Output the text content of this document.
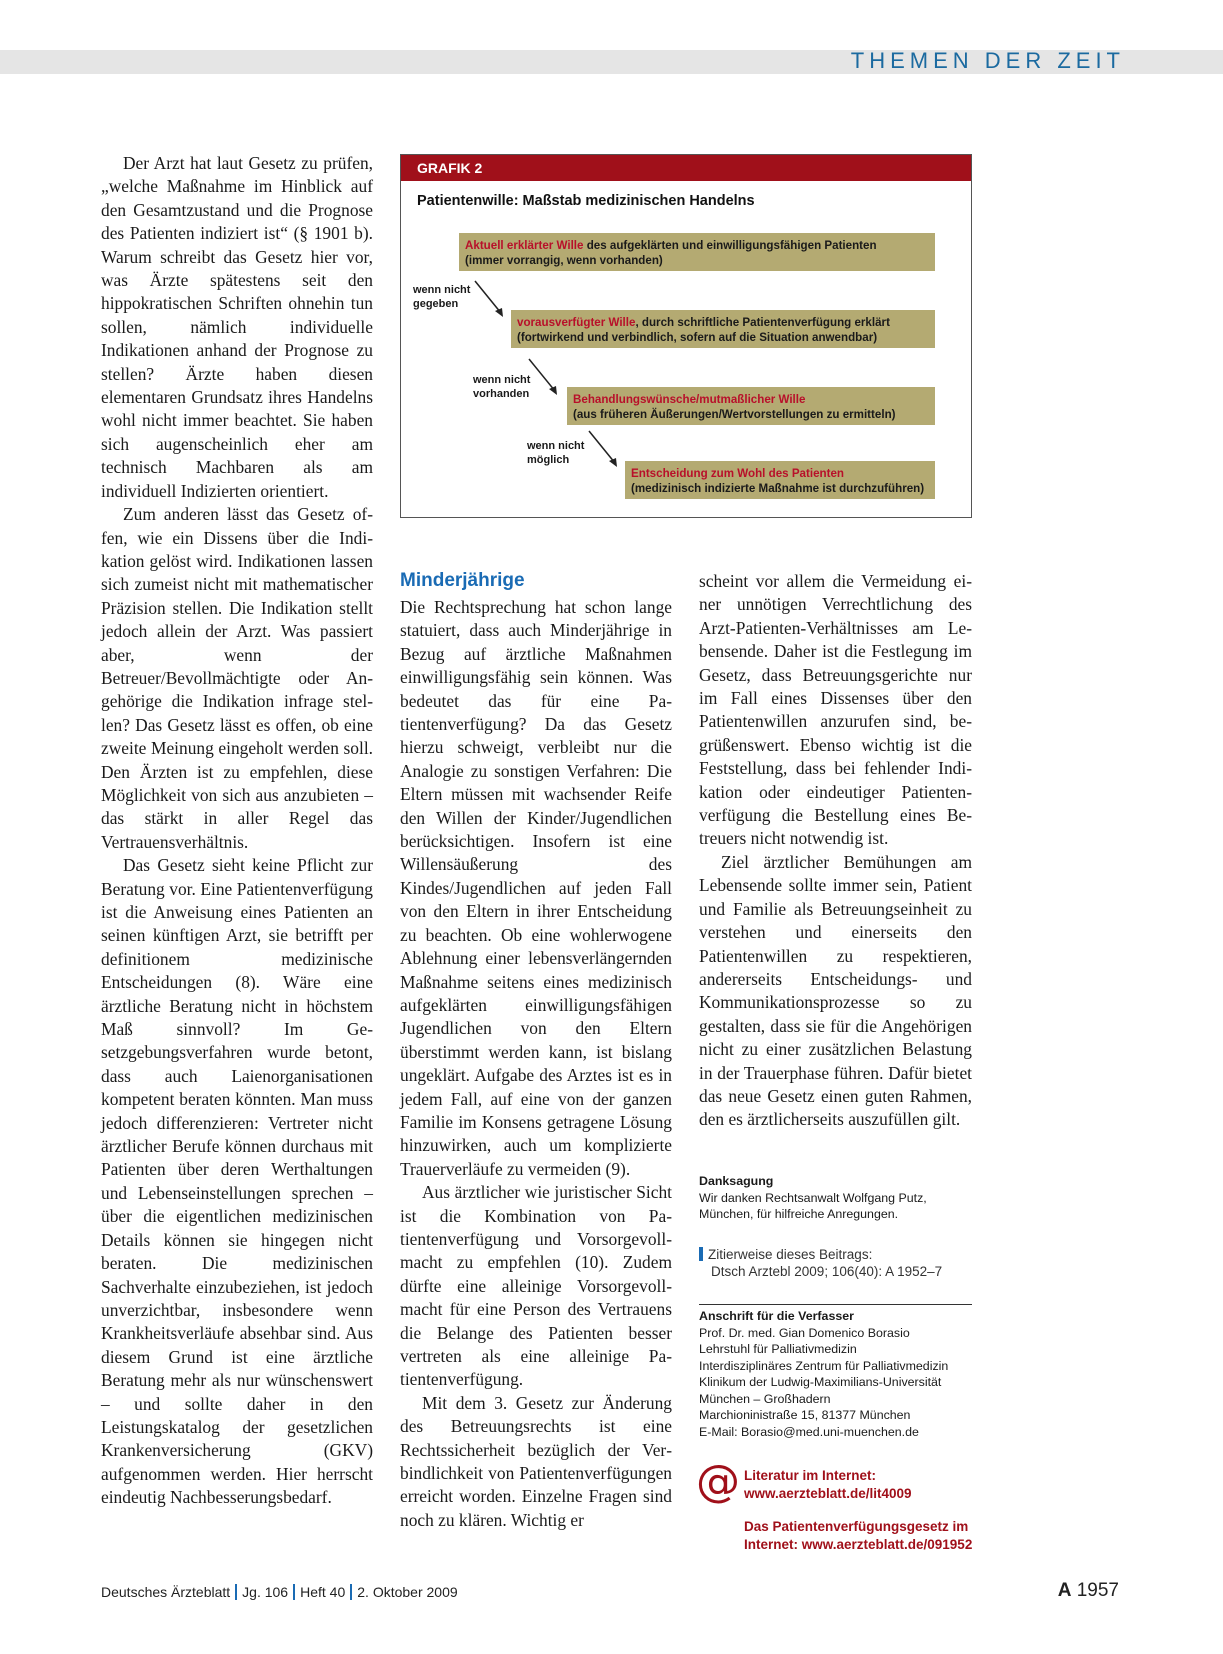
THEMEN DER ZEIT

Der Arzt hat laut Gesetz zu prüfen, „welche Maßnahme im Hinblick auf den Gesamtzustand und die Prognose des Patienten indiziert ist“ (§ 1901 b). Warum schreibt das Gesetz hier vor, was Ärzte spätestens seit den hippokratischen Schriften ohnehin tun sollen, nämlich individuelle Indikationen anhand der Prognose zu stellen? Ärzte haben diesen elementaren Grundsatz ihres Handelns wohl nicht immer beachtet. Sie haben sich augenscheinlich eher am technisch Machbaren als am individuell Indizierten orientiert.

Zum anderen lässt das Gesetz offen, wie ein Dissens über die Indikation gelöst wird. Indikationen lassen sich zumeist nicht mit mathematischer Präzision stellen. Die Indikation stellt jedoch allein der Arzt. Was passiert aber, wenn der Betreuer/Bevollmächtigte oder Angehörige die Indikation infrage stellen? Das Gesetz lässt es offen, ob eine zweite Meinung eingeholt werden soll. Den Ärzten ist zu empfehlen, diese Möglichkeit von sich aus anzubieten – das stärkt in aller Regel das Vertrauensverhältnis.

Das Gesetz sieht keine Pflicht zur Beratung vor. Eine Patientenverfügung ist die Anweisung eines Patienten an seinen künftigen Arzt, sie betrifft per definitionem medizinische Entscheidungen (8). Wäre eine ärztliche Beratung nicht in höchstem Maß sinnvoll? Im Gesetzgebungsverfahren wurde betont, dass auch Laienorganisationen kompetent beraten könnten. Man muss jedoch differenzieren: Vertreter nicht ärztlicher Berufe können durchaus mit Patienten über deren Werthaltungen und Lebenseinstellungen sprechen – über die eigentlichen medizinischen Details können sie hingegen nicht beraten. Die medizinischen Sachverhalte einzubeziehen, ist jedoch unverzichtbar, insbesondere wenn Krankheitsverläufe absehbar sind. Aus diesem Grund ist eine ärztliche Beratung mehr als nur wünschenswert – und sollte daher in den Leistungskatalog der gesetzlichen Krankenversicherung (GKV) aufgenommen werden. Hier herrscht eindeutig Nachbesserungsbedarf.

GRAFIK 2
Patientenwille: Maßstab medizinischen Handelns
Aktuell erklärter Wille des aufgeklärten und einwilligungsfähigen Patienten
(immer vorrangig, wenn vorhanden)
wenn nicht gegeben
vorausverfügter Wille, durch schriftliche Patientenverfügung erklärt
(fortwirkend und verbindlich, sofern auf die Situation anwendbar)
wenn nicht vorhanden	Behandlungswünsche/mutmaßlicher Wille
(aus früheren Äußerungen/Wertvorstellungen zu ermitteln)
wenn nicht möglich
Entscheidung zum Wohl des Patienten
(medizinisch indizierte Maßnahme ist durchzuführen)
Minderjährige

Die Rechtsprechung hat schon lange statuiert, dass auch Minderjährige in Bezug auf ärztliche Maßnahmen einwilligungsfähig sein können. Was bedeutet das für eine Patientenverfügung? Da das Gesetz hierzu schweigt, verbleibt nur die Analogie zu sonstigen Verfahren: Die Eltern müssen mit wachsender Reife den Willen der Kinder/Jugendlichen berücksichtigen. Insofern ist eine Willensäußerung des Kindes/Jugendlichen auf jeden Fall von den Eltern in ihrer Entscheidung zu beachten. Ob eine wohlerwogene Ablehnung einer lebensverlängernden Maßnahme seitens eines medizinisch aufgeklärten einwilligungsfähigen Jugendlichen von den Eltern überstimmt werden kann, ist bislang ungeklärt. Aufgabe des Arztes ist es in jedem Fall, auf eine von der ganzen Familie im Konsens getragene Lösung hinzuwirken, auch um komplizierte Trauerverläufe zu vermeiden (9).

Aus ärztlicher wie juristischer Sicht ist die Kombination von Patientenverfügung und Vorsorgevollmacht zu empfehlen (10). Zudem dürfte eine alleinige Vorsorgevollmacht für eine Person des Vertrauens die Belange des Patienten besser vertreten als eine alleinige Patientenverfügung.

Mit dem 3. Gesetz zur Änderung des Betreuungsrechts ist eine Rechtssicherheit bezüglich der Verbindlichkeit von Patientenverfügungen erreicht worden. Einzelne Fragen sind noch zu klären. Wichtig er

scheint vor allem die Vermeidung einer unnötigen Verrechtlichung des Arzt-Patienten-Verhältnisses am Lebensende. Daher ist die Festlegung im Gesetz, dass Betreuungsgerichte nur im Fall eines Dissenses über den Patientenwillen anzurufen sind, begrüßenswert. Ebenso wichtig ist die Feststellung, dass bei fehlender Indikation oder eindeutiger Patientenverfügung die Bestellung eines Betreuers nicht notwendig ist.

Ziel ärztlicher Bemühungen am Lebensende sollte immer sein, Patient und Familie als Betreuungseinheit zu verstehen und einerseits den Patientenwillen zu respektieren, andererseits Entscheidungs- und Kommunikationsprozesse so zu gestalten, dass sie für die Angehörigen nicht zu einer zusätzlichen Belastung in der Trauerphase führen. Dafür bietet das neue Gesetz einen guten Rahmen, den es ärztlicherseits auszufüllen gilt.

Danksagung
Wir danken Rechtsanwalt Wolfgang Putz,
München, für hilfreiche Anregungen.
Zitierweise dieses Beitrags:
Dtsch Arztebl 2009; 106(40): A 1952–7
Anschrift für die Verfasser
Prof. Dr. med. Gian Domenico Borasio
Lehrstuhl für Palliativmedizin
Interdisziplinäres Zentrum für Palliativmedizin
Klinikum der Ludwig-Maximilians-Universität
München – Großhadern
Marchioninistraße 15, 81377 München
E-Mail: Borasio@med.uni-muenchen.de
@ Literatur im Internet:
www.aerzteblatt.de/lit4009
Das Patientenverfügungsgesetz im
Internet: www.aerzteblatt.de/091952
Deutsches Ärzteblatt Jg. 106 Heft 40 2. Oktober 2009	A 1957
